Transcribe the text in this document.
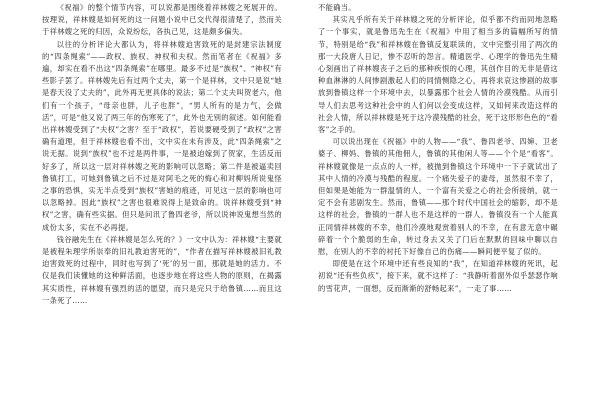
《祝福》的整个情节内容，可以说都是围绕着祥林嫂之死展开的。按理说，祥林嫂是如何死的这一问题小说中已交代得很清楚了，然而关于祥林嫂之死的归因，众说纷纭，各执己见，这是颇多偏失。

以往的分析评论大都认为，将祥林嫂迫害致死的是封建宗法制度的“四条绳索”——政权、族权、神权和夫权。然而笔者在《祝福》多遍，却实在看不出这“四条绳索”在哪里。最多不过是“族权”、“神权”有些影子罢了。祥林嫂先后有过两个丈夫，第一个是祥林，文中只是说“她是春天没了丈夫的”，此外再无更具体的说法；第二个丈夫叫贺老六，他们有一个孩子，“母亲也胖，儿子也胖”，“男人所有的是力气，会做活”，可是“他又说了两三年的伤寒死了”，此外也无别的叙述。如何能看出祥林嫂受到了“夫权”之害？至于“政权”，若说要硬受到了“政权”之害确有道理，但于祥林嫂也看不出，文中实在未有涉及，此“四条绳索”之说无据。说到“族权”也不过是两件事，一是被迫嫁到了贺家，生活反而好多了，所以这一层对祥林嫂之死的影响可以忽略；第二件是被逼卖回鲁镇打工，可她到鲁镇之后不过是对阿毛之死的悔心和对柳妈所说鬼怪之事的恐惧，实无半点受到“族权”害她的痕迹，可见这一层的影响也可以忽略掉。因此“族权”之害也很难说得上是致命的。说祥林嫂受到“神权”之害，确有些实据。但只是问讯了鲁四老爷，所以说神说鬼想当然的成份太多，实在不必再提。

钱谷融先生在《祥林嫂是怎么死的？》一文中认为：祥林嫂“主要就是被程朱理学所崇奉的旧礼教迫害死的”，“作者在描写祥林嫂被旧礼教迫害致死的过程中，同时也写到了‘死’的另一面，那就是她的活力。不仅是我们读懂她的这种鲜活面，也逐步地在将这些人物的原则，在揭露其实质性，祥林嫂有强烈的活的愿望，而只是完只于给鲁镇……而且这一条死了……

不能确当。

其实凡乎所有关于祥林嫂之死的分析评论，似乎都不约而同地忽略了一个事实，就是鲁迅先生在《祝福》中用了相当多的篇幅所写的情节，特别是给“我”和祥林嫂在鲁镇反复联读的，文中完整引用了两次的那一大段唐人日记，惨不忍听的怨言。精通医学、心理学的鲁迅先生精心刻画出了祥林嫂丧子之后的那种疾恨的心理，其创作目的无非是借这种血淋淋的人间惨剧激起人们的同情恻隐之心，再将求哀这惨剧的故事放到鲁镇这样一个环境中去，以暴露那个社会人情的冷漠残酷。从而引导人们去思考这种社会中的人们何以会变成这样，又如何来改造这样的社会人情，所以祥林嫂是死于这冷漠残酷的社会，死于这形形色色的“看客”之手的。

可以说出现在《祝福》中的人物——“我”、鲁四老爷、四婶、卫老婆子、柳妈、鲁镇的其他佣人，鲁镇的其他闲人等——个个是“看客”。祥林嫂就像是一点点的人一样，被抛到鲁镇这个环境中一下子就试出了其中人情的冷漠与残酷的程度。一个痛失爱子的妻母，虽然很不幸了，但如果是她能为一群温情的人，一个富有关爱之心的社会所接纳，就一定不会有悲剧发生。然而，鲁镇——那个时代中国社会的缩影，却不是这样的社会，鲁镇的一群人也不是这样的一群人。鲁镇没有一个人能真正同情祥林嫂的不幸，他们冷漠地观赏着别人的不幸，在有意无意中碾碎着一个个脆弱的生命，转过身去又关了门后在默默的回味中聊以自慰，在别人的不幸的衬托下好像自己的伤痛——瞬间便平复了似的。

即使是在这个环境中还有些良知的“我”，在知道祥林嫂的死讯，起初说“还有些负疚”，接下来，就不这样了：“我静听着窗外似乎瑟瑟作响的雪花声，一面想，反而渐渐的舒畅起来”，一走了事……
